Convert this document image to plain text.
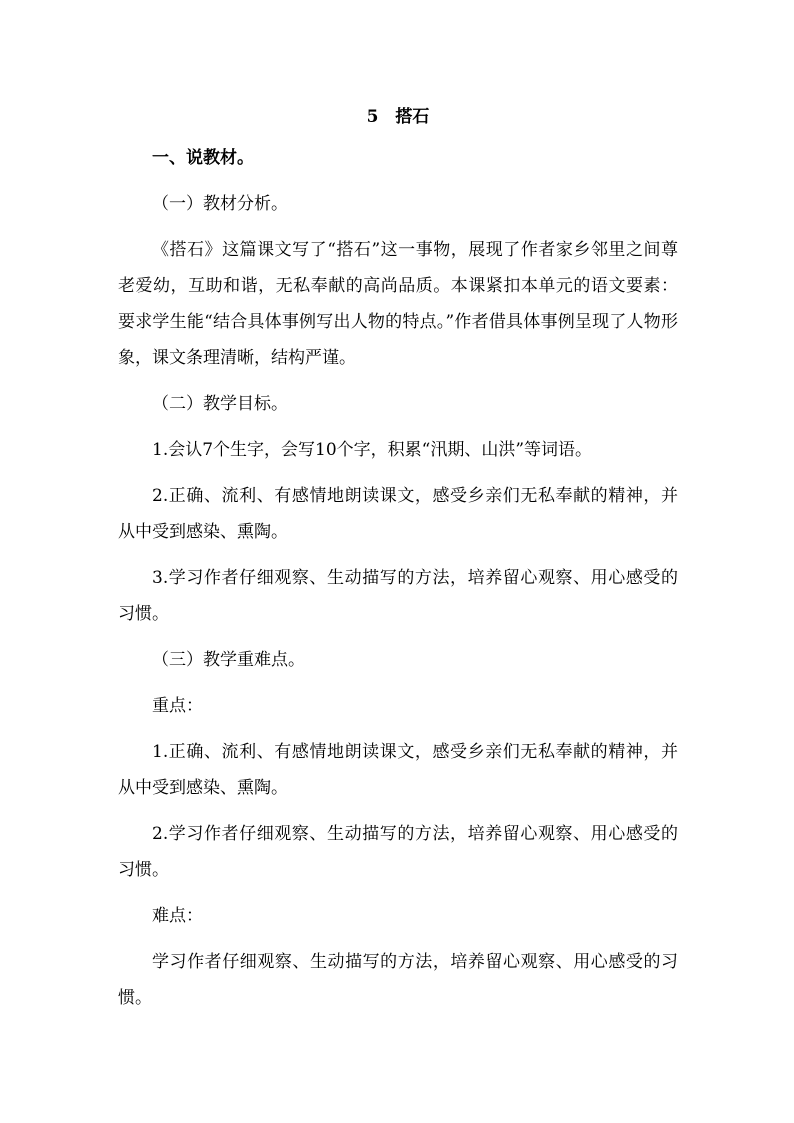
5　搭石
一、说教材。
（一）教材分析。

《搭石》这篇课文写了“搭石”这一事物，展现了作者家乡邻里之间尊老爱幼，互助和谐，无私奉献的高尚品质。本课紧扣本单元的语文要素：要求学生能“结合具体事例写出人物的特点。”作者借具体事例呈现了人物形象，课文条理清晰，结构严谨。

（二）教学目标。

1.会认7个生字，会写10个字，积累“汛期、山洪”等词语。

2.正确、流利、有感情地朗读课文，感受乡亲们无私奉献的精神，并从中受到感染、熏陶。

3.学习作者仔细观察、生动描写的方法，培养留心观察、用心感受的习惯。

（三）教学重难点。
重点：

1.正确、流利、有感情地朗读课文，感受乡亲们无私奉献的精神，并从中受到感染、熏陶。

2.学习作者仔细观察、生动描写的方法，培养留心观察、用心感受的习惯。

难点：

学习作者仔细观察、生动描写的方法，培养留心观察、用心感受的习惯。
